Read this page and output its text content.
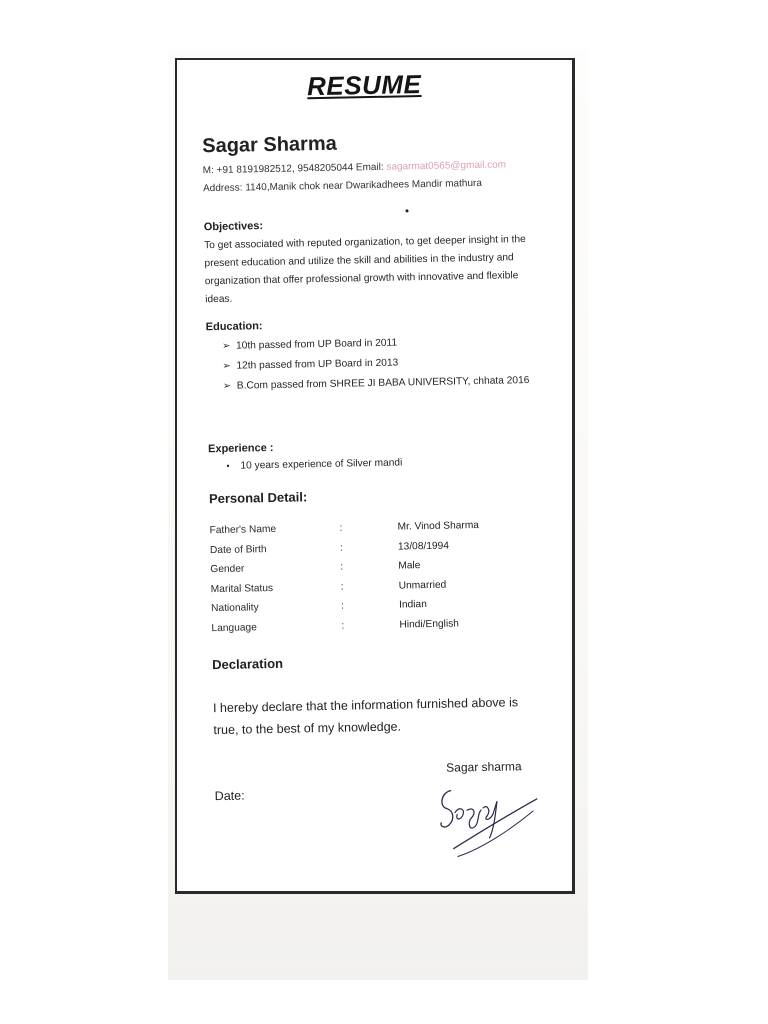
RESUME
Sagar Sharma
M: +91 8191982512, 9548205044 Email: sagarmat0565@gmail.com
Address: 1140,Manik chok near Dwarikadhees Mandir mathura
Objectives:
To get associated with reputed organization, to get deeper insight in the present education and utilize the skill and abilities in the industry and organization that offer professional growth with innovative and flexible ideas.
Education:
➢ 10th passed from UP Board in 2011
➢ 12th passed from UP Board in 2013
➢ B.Com passed from SHREE JI BABA UNIVERSITY, chhata 2016
Experience :
• 10 years experience of Silver mandi
Personal Detail:
Father's Name	:	Mr. Vinod Sharma
Date of Birth	:	13/08/1994
Gender	:	Male
Marital Status	:	Unmarried
Nationality	:	Indian
Language	:	Hindi/English
Declaration
I hereby declare that the information furnished above is true, to the best of my knowledge.
Sagar sharma
Date:
